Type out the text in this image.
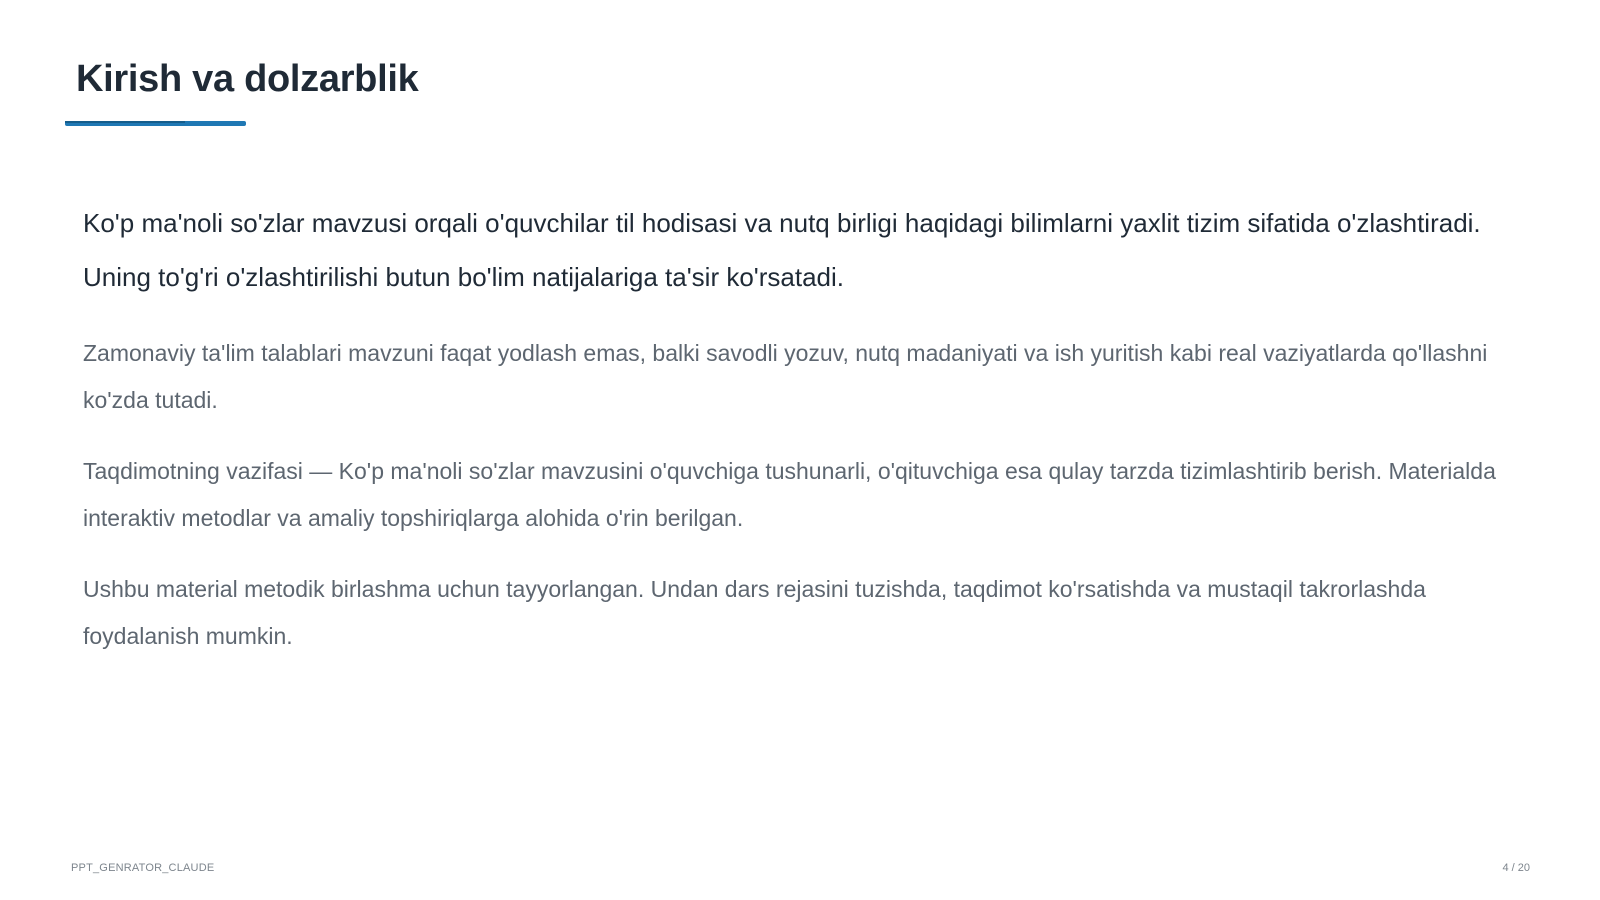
Kirish va dolzarblik

Ko'p ma'noli so'zlar mavzusi orqali o'quvchilar til hodisasi va nutq birligi haqidagi bilimlarni yaxlit tizim sifatida o'zlashtiradi. Uning to'g'ri o'zlashtirilishi butun bo'lim natijalariga ta'sir ko'rsatadi.

Zamonaviy ta'lim talablari mavzuni faqat yodlash emas, balki savodli yozuv, nutq madaniyati va ish yuritish kabi real vaziyatlarda qo'llashni ko'zda tutadi.

Taqdimotning vazifasi — Ko'p ma'noli so'zlar mavzusini o'quvchiga tushunarli, o'qituvchiga esa qulay tarzda tizimlashtirib berish. Materialda interaktiv metodlar va amaliy topshiriqlarga alohida o'rin berilgan.

Ushbu material metodik birlashma uchun tayyorlangan. Undan dars rejasini tuzishda, taqdimot ko'rsatishda va mustaqil takrorlashda foydalanish mumkin.

PPT_GENRATOR_CLAUDE	4 / 20
